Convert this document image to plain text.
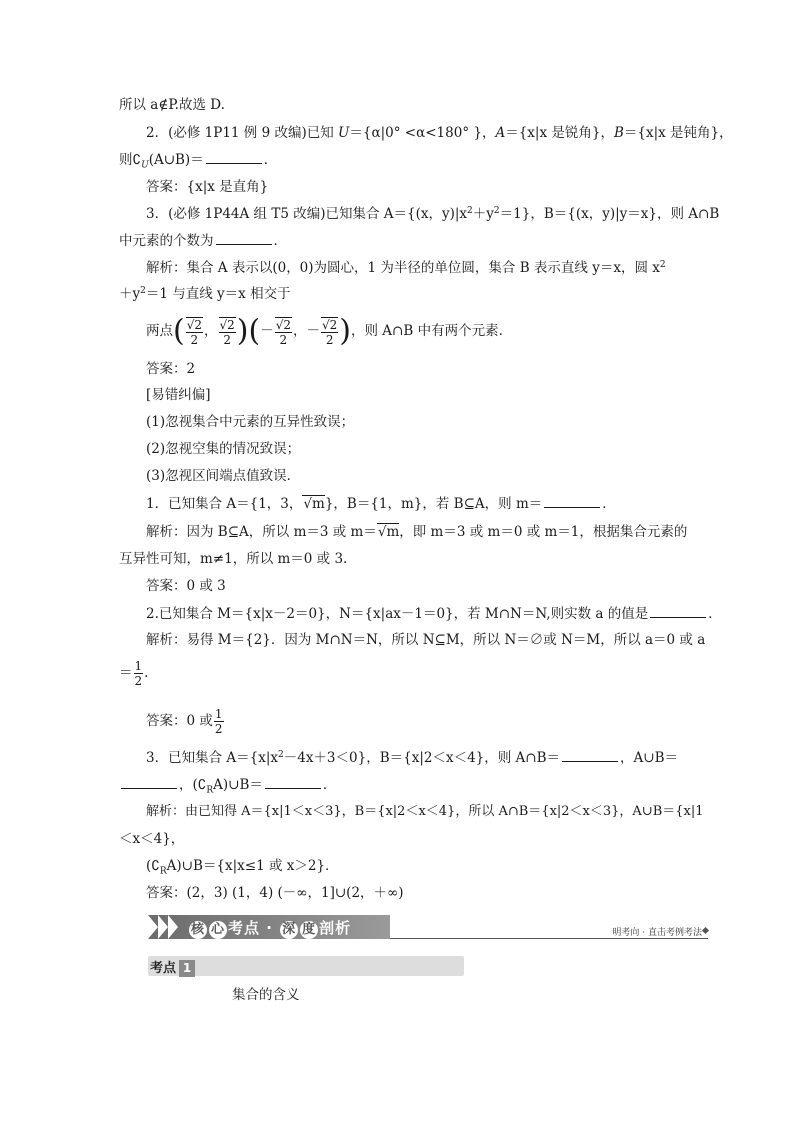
所以 a∉P.故选 D.
2．(必修 1P11 例 9 改编)已知 U＝{α|0° <α<180° }，A＝{x|x 是锐角}，B＝{x|x 是钝角}，
则$∁_U(A\cup B)=$	．
答案：{x|x 是直角}
3．(必修 1P44A 组 T5 改编)已知集合 A＝{(x，$y)|x^2+y^2=1$}，B＝{(x，y)|y＝x}，则 A∩B
中元素的个数为	．
解析：集合 A 表示以(0，0)为圆心，1 为半径的单位圆，集合 B 表示直线 y＝x，圆 $x^2$
$+y^2=1$ 与直线 y＝x 相交于
两点( $\frac{√2}{2}$ ， $\frac{√2}{2}$ )(－ $\frac{√2}{2}$ ，－ $\frac{√2}{2}$ )，则 A∩B 中有两个元素．
答案：2
[易错纠偏]
(1)忽视集合中元素的互异性致误；
(2)忽视空集的情况致误；
(3)忽视区间端点值致误．
1．已知集合 A＝{1，3，√m}，B＝{1，m}，若 B⊆A，则 m＝	．
解析：因为 B⊆A，所以 m＝3 或 m＝√m，即 m＝3 或 m＝0 或 m＝1，根据集合元素的
互异性可知，m≠1，所以 m＝0 或 3.
答案：0 或 3
2.已知集合 M＝{x|x－2＝0}，N＝{x|ax－1＝0}，若 M∩N＝N,则实数 a 的值是	．
解析：易得 M＝{2}．因为 M∩N＝N，所以 N⊆M，所以 N＝∅或 N＝M，所以 a＝0 或 a
＝ $\frac{1}{2}$ .
答案：0 或 $\frac{1}{2}$
3．已知集合 $A=\{x|x^2-4x+3<0\}$，B＝{x|2＜x＜4}，则 A∩B＝	，A∪B＝
，$(∁_RA)\cup B=$	．
解析：由已知得 A＝{x|1＜x＜3}，B＝{x|2＜x＜4}，所以 A∩B＝{x|2＜x＜3}，A∪B＝{x|1
＜x＜4}，
$(∁_RA)\cup B=\{x|x\le 1$ 或 x＞2}．
答案：(2，3) (1，4) (－∞，1]∪(2，＋∞)
核 心 考点 · 深 度 剖析	明考向 · 直击考例考法
考点 1
集合的含义
